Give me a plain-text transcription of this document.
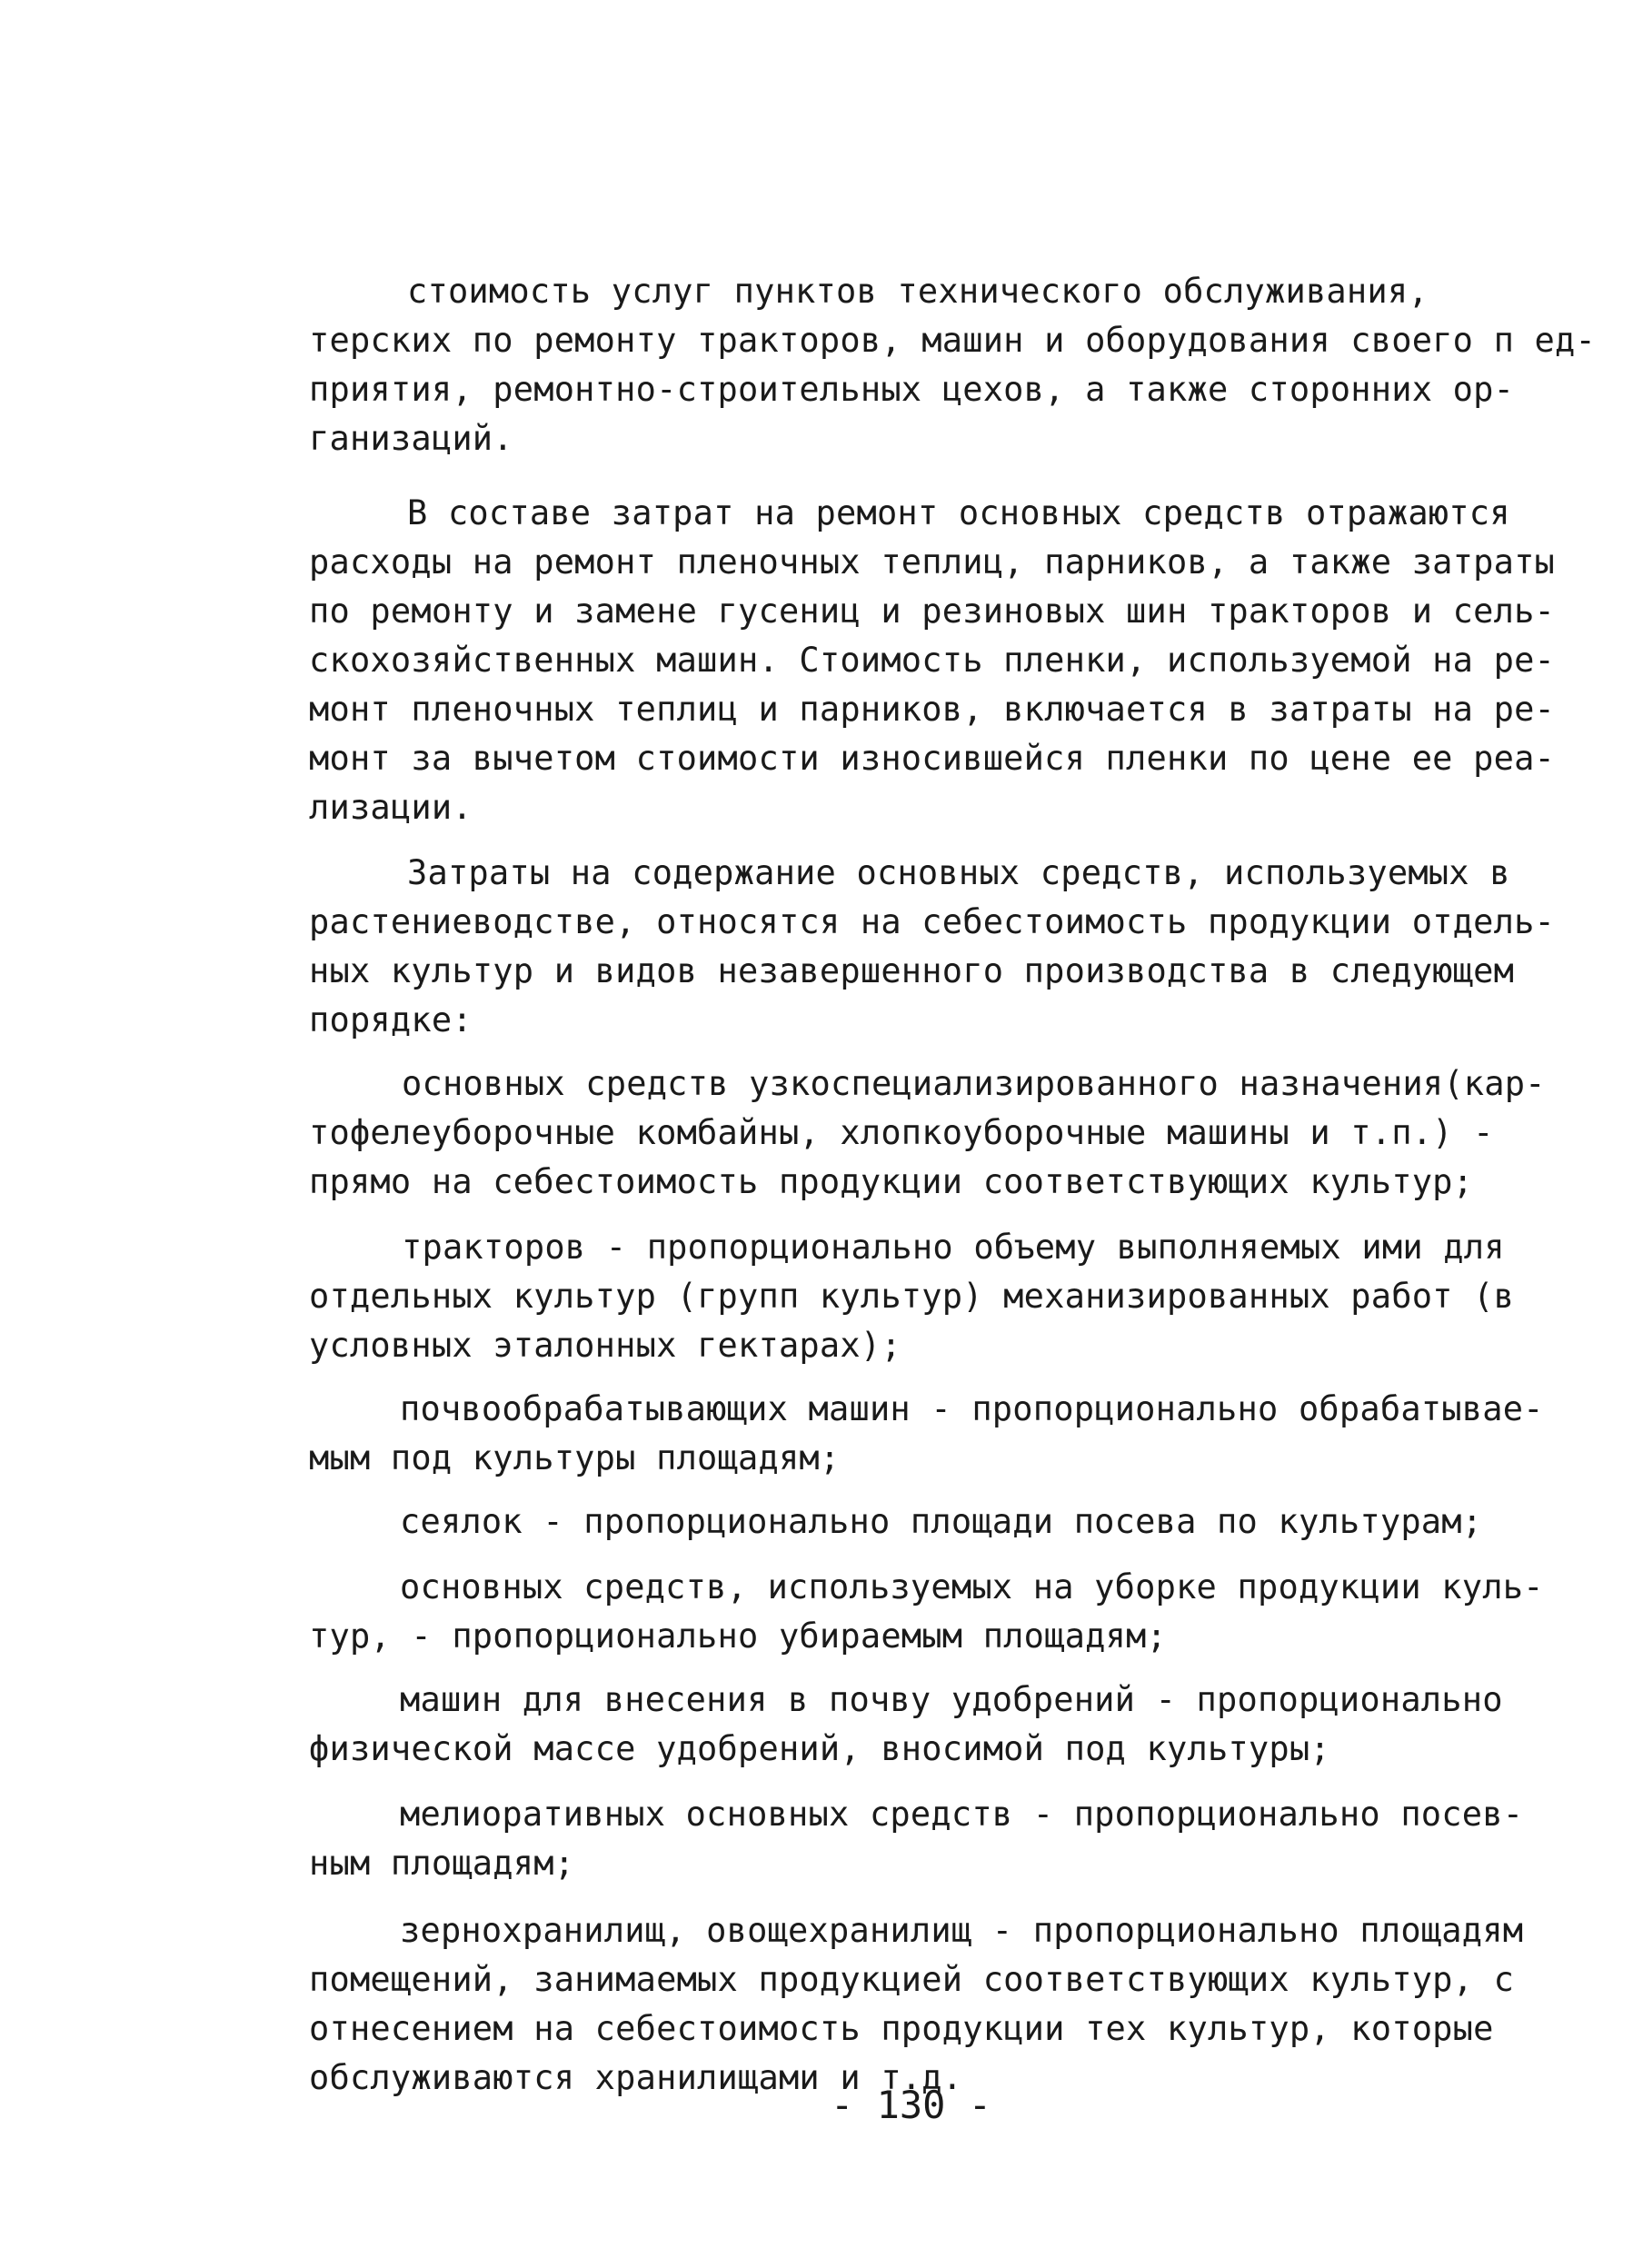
стоимость услуг пунктов технического обслуживания,
терских по ремонту тракторов, машин и оборудования своего п ед-
приятия, ремонтно-строительных цехов, а также сторонних ор-
ганизаций.
В составе затрат на ремонт основных средств отражаются
расходы на ремонт пленочных теплиц, парников, а также затраты
по ремонту и замене гусениц и резиновых шин тракторов и сель-
скохозяйственных машин. Стоимость пленки, используемой на ре-
монт пленочных теплиц и парников, включается в затраты на ре-
монт за вычетом стоимости износившейся пленки по цене ее реа-
лизации.
Затраты на содержание основных средств, используемых в
растениеводстве, относятся на себестоимость продукции отдель-
ных культур и видов незавершенного производства в следующем
порядке:
основных средств узкоспециализированного назначения(кар-
тофелеуборочные комбайны, хлопкоуборочные машины и т.п.) -
прямо на себестоимость продукции соответствующих культур;
тракторов - пропорционально объему выполняемых ими для
отдельных культур (групп культур) механизированных работ (в
условных эталонных гектарах);
почвообрабатывающих машин - пропорционально обрабатывае-
мым под культуры площадям;
сеялок - пропорционально площади посева по культурам;
основных средств, используемых на уборке продукции куль-
тур, - пропорционально убираемым площадям;
машин для внесения в почву удобрений - пропорционально
физической массе удобрений, вносимой под культуры;
мелиоративных основных средств - пропорционально посев-
ным площадям;
зернохранилищ, овощехранилищ - пропорционально площадям
помещений, занимаемых продукцией соответствующих культур, с
отнесением на себестоимость продукции тех культур, которые
обслуживаются хранилищами и т.д.
- 130 -
